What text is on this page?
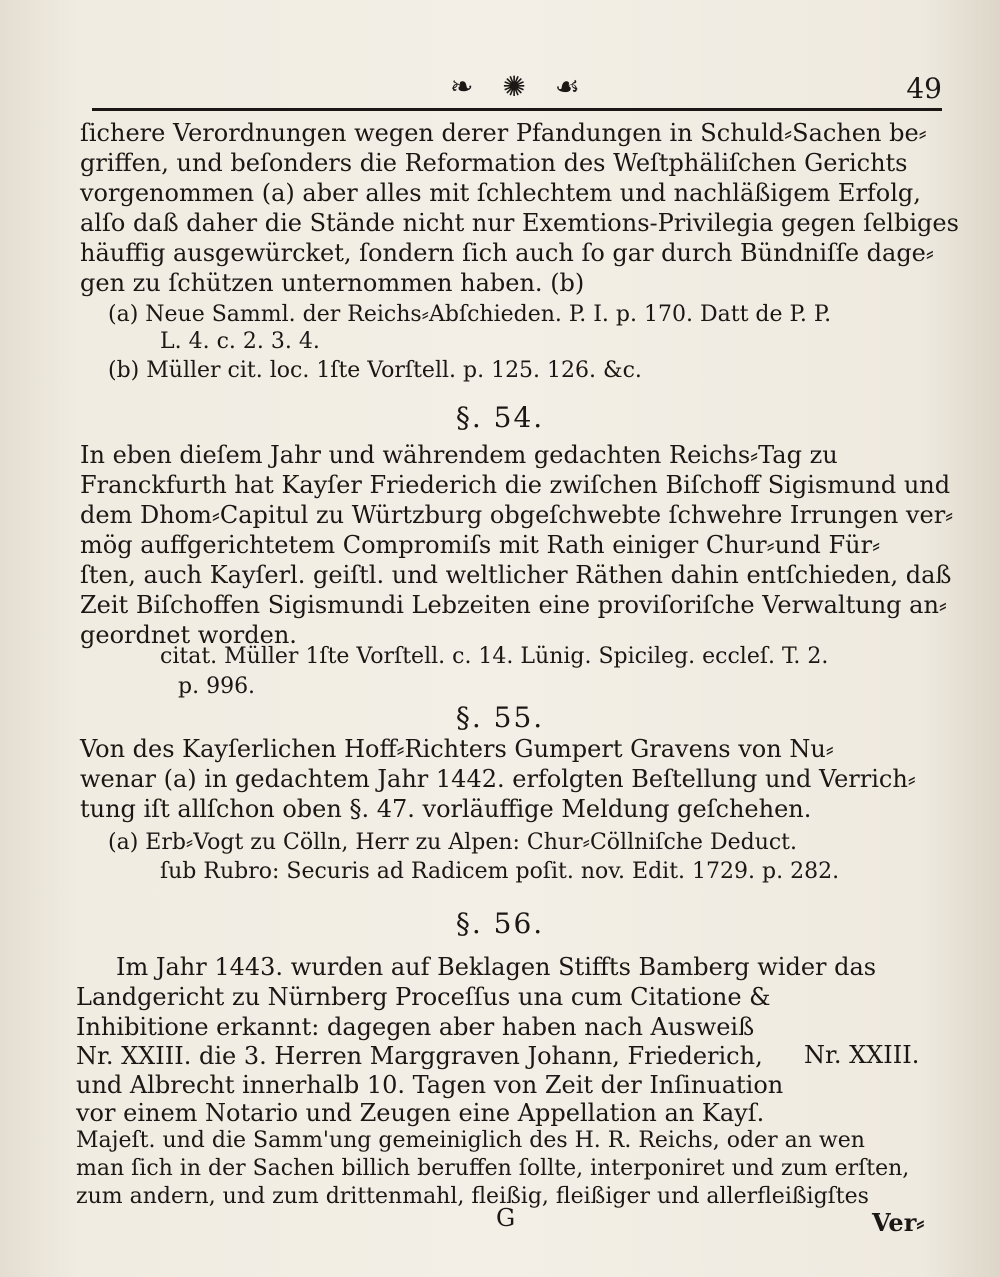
❧ ✺ ☙	49
ſichere Verordnungen wegen derer Pfandungen in Schuld⸗Sachen be⸗
griffen, und beſonders die Reformation des Weſtphäliſchen Gerichts
vorgenommen (a) aber alles mit ſchlechtem und nachläßigem Erfolg,
alſo daß daher die Stände nicht nur Exemtions-Privilegia gegen ſelbiges
häuffig ausgewürcket, ſondern ſich auch ſo gar durch Bündniſſe dage⸗
gen zu ſchützen unternommen haben. (b)
(a) Neue Samml. der Reichs⸗Abſchieden. P. I. p. 170. Datt de P. P.
L. 4. c. 2. 3. 4.
(b) Müller cit. loc. 1ſte Vorſtell. p. 125. 126. &c.
§. 54.
In eben dieſem Jahr und währendem gedachten Reichs⸗Tag zu
Franckfurth hat Kayſer Friederich die zwiſchen Biſchoff Sigismund und
dem Dhom⸗Capitul zu Würtzburg obgeſchwebte ſchwehre Irrungen ver⸗
mög auffgerichtetem Compromiſs mit Rath einiger Chur⸗und Für⸗
ſten, auch Kayſerl. geiſtl. und weltlicher Räthen dahin entſchieden, daß
Zeit Biſchoffen Sigismundi Lebzeiten eine proviſoriſche Verwaltung an⸗
geordnet worden.
citat. Müller 1ſte Vorſtell. c. 14. Lünig. Spicileg. eccleſ. T. 2.
p. 996.
§. 55.
Von des Kayſerlichen Hoff⸗Richters Gumpert Gravens von Nu⸗
wenar (a) in gedachtem Jahr 1442. erfolgten Beſtellung und Verrich⸗
tung iſt allſchon oben §. 47. vorläuffige Meldung geſchehen.
(a) Erb⸗Vogt zu Cölln, Herr zu Alpen: Chur⸗Cöllniſche Deduct.
ſub Rubro: Securis ad Radicem poſit. nov. Edit. 1729. p. 282.
§. 56.
Im Jahr 1443. wurden auf Beklagen Stiffts Bamberg wider das
Landgericht zu Nürnberg Proceſſus una cum Citatione &
Inhibitione erkannt: dagegen aber haben nach Ausweiß
Nr. XXIII. die 3. Herren Marggraven Johann, Friederich,
und Albrecht innerhalb 10. Tagen von Zeit der Inſinuation
vor einem Notario und Zeugen eine Appellation an Kayſ.
Majeſt. und die Samm'ung gemeiniglich des H. R. Reichs, oder an wen
man ſich in der Sachen billich beruffen ſollte, interponiret und zum erſten,
zum andern, und zum drittenmahl, fleißig, fleißiger und allerfleißigſtes
Nr. XXIII.
G	Ver⸗
